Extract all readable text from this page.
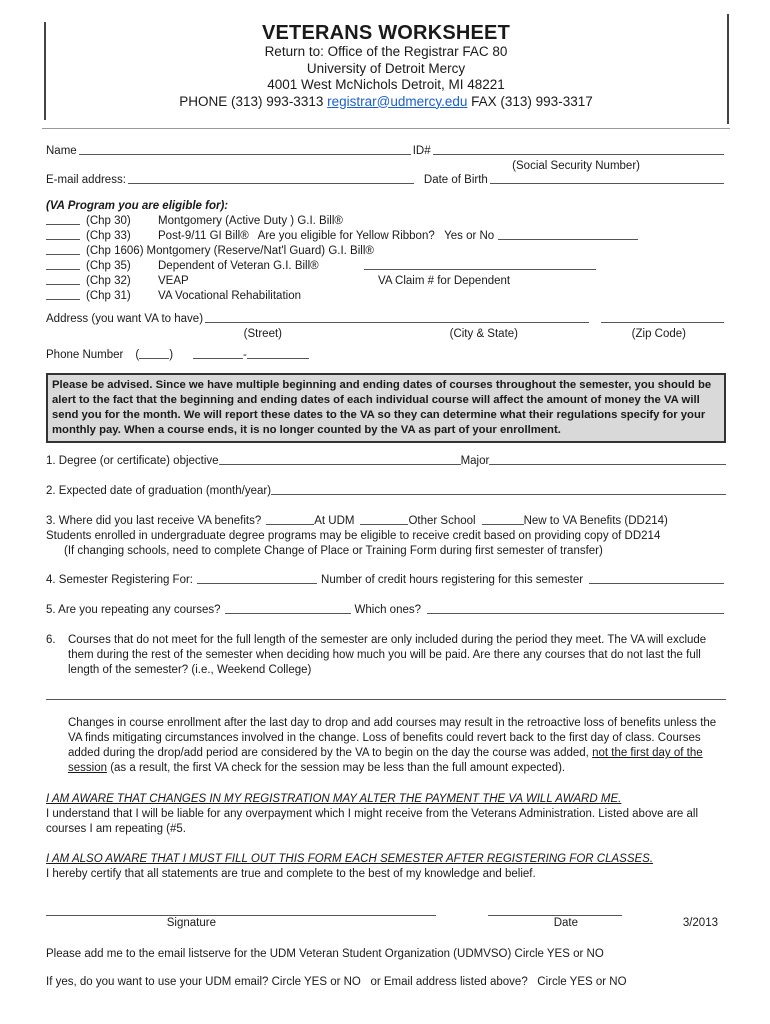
VETERANS WORKSHEET
Return to: Office of the Registrar FAC 80
University of Detroit Mercy
4001 West McNichols Detroit, MI 48221
PHONE (313) 993-3313 registrar@udmercy.edu FAX (313) 993-3317
Name	ID#
(Social Security Number)
E-mail address:	Date of Birth
(VA Program you are eligible for):
(Chp 30)	Montgomery (Active Duty ) G.I. Bill®
(Chp 33)	Post-9/11 GI Bill®   Are you eligible for Yellow Ribbon?   Yes or No
(Chp 1606) Montgomery (Reserve/Nat'l Guard) G.I. Bill®
(Chp 35)	Dependent of Veteran G.I. Bill®
(Chp 32)	VEAP	VA Claim # for Dependent
(Chp 31)	VA Vocational Rehabilitation
Address (you want VA to have)
(Street)	(City & State)	(Zip Code)
Phone Number (	)	-
Please be advised. Since we have multiple beginning and ending dates of courses throughout the semester, you should be alert to the fact that the beginning and ending dates of each individual course will affect the amount of money the VA will send you for the month. We will report these dates to the VA so they can determine what their regulations specify for your monthly pay. When a course ends, it is no longer counted by the VA as part of your enrollment.
1. Degree (or certificate) objective	Major
2. Expected date of graduation (month/year)
3. Where did you last receive VA benefits?	At UDM	Other School	New to VA Benefits (DD214)
Students enrolled in undergraduate degree programs may be eligible to receive credit based on providing copy of DD214
(If changing schools, need to complete Change of Place or Training Form during first semester of transfer)
4. Semester Registering For:	Number of credit hours registering for this semester
5. Are you repeating any courses?	Which ones?
6.	Courses that do not meet for the full length of the semester are only included during the period they meet. The VA will exclude them during the rest of the semester when deciding how much you will be paid. Are there any courses that do not last the full length of the semester? (i.e., Weekend College)
Changes in course enrollment after the last day to drop and add courses may result in the retroactive loss of benefits unless the VA finds mitigating circumstances involved in the change. Loss of benefits could revert back to the first day of class. Courses added during the drop/add period are considered by the VA to begin on the day the course was added, not the first day of the session (as a result, the first VA check for the session may be less than the full amount expected).
I AM AWARE THAT CHANGES IN MY REGISTRATION MAY ALTER THE PAYMENT THE VA WILL AWARD ME.
I understand that I will be liable for any overpayment which I might receive from the Veterans Administration. Listed above are all courses I am repeating (#5.
I AM ALSO AWARE THAT I MUST FILL OUT THIS FORM EACH SEMESTER AFTER REGISTERING FOR CLASSES.
I hereby certify that all statements are true and complete to the best of my knowledge and belief.
Signature	Date	3/2013
Please add me to the email listserve for the UDM Veteran Student Organization (UDMVSO) Circle YES or NO
If yes, do you want to use your UDM email? Circle YES or NO   or Email address listed above?   Circle YES or NO
